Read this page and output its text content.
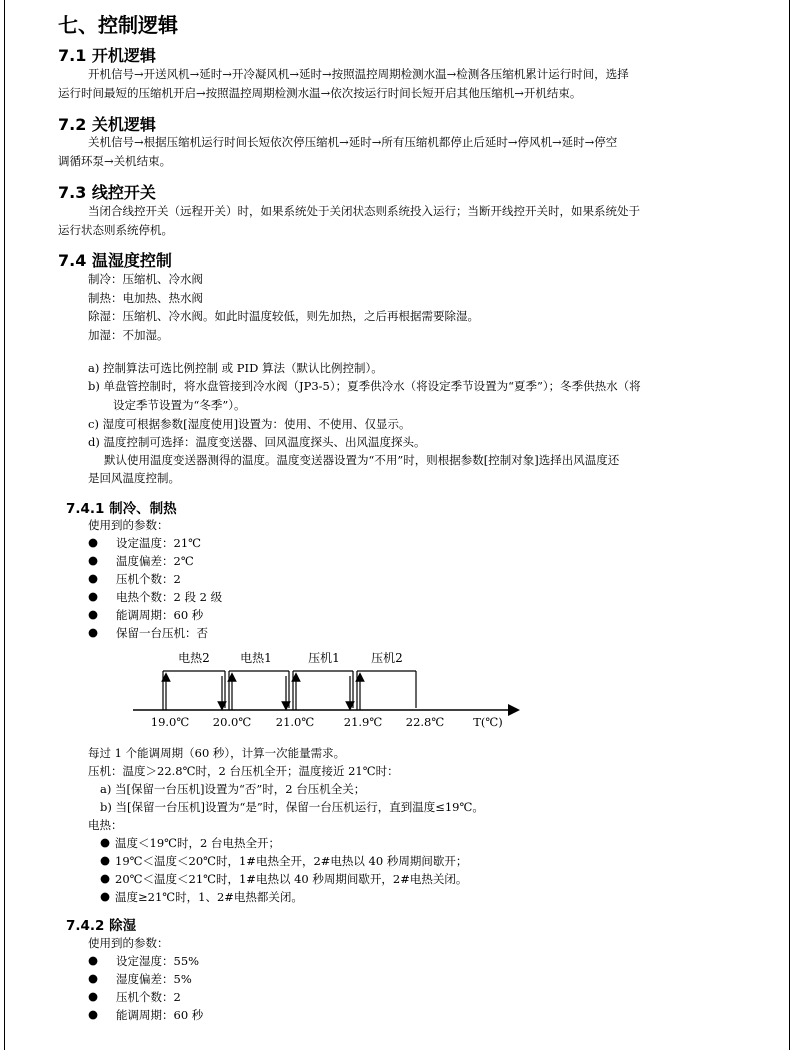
七、控制逻辑
7.1 开机逻辑
开机信号→开送风机→延时→开冷凝风机→延时→按照温控周期检测水温→检测各压缩机累计运行时间，选择
运行时间最短的压缩机开启→按照温控周期检测水温→依次按运行时间长短开启其他压缩机→开机结束。
7.2 关机逻辑
关机信号→根据压缩机运行时间长短依次停压缩机→延时→所有压缩机都停止后延时→停风机→延时→停空
调循环泵→关机结束。
7.3 线控开关
当闭合线控开关（远程开关）时，如果系统处于关闭状态则系统投入运行；当断开线控开关时，如果系统处于
运行状态则系统停机。
7.4 温湿度控制
制冷：压缩机、冷水阀
制热：电加热、热水阀
除湿：压缩机、冷水阀。如此时温度较低，则先加热，之后再根据需要除湿。
加湿：不加湿。
a) 控制算法可选比例控制 或 PID 算法（默认比例控制）。
b) 单盘管控制时，将水盘管接到冷水阀（JP3-5）；夏季供冷水（将设定季节设置为“夏季”）；冬季供热水（将
设定季节设置为“冬季”）。
c) 湿度可根据参数[湿度使用]设置为：使用、不使用、仅显示。
d) 温度控制可选择：温度变送器、回风温度探头、出风温度探头。
默认使用温度变送器测得的温度。温度变送器设置为“不用”时，则根据参数[控制对象]选择出风温度还
是回风温度控制。
7.4.1 制冷、制热
使用到的参数：
● 设定温度：21℃
● 温度偏差：2℃
● 压机个数：2
● 电热个数：2 段 2 级
● 能调周期：60 秒
● 保留一台压机：否
电热2	电热1	压机1	压机2
19.0℃ 20.0℃ 21.0℃	21.9℃ 22.8℃	T(℃)
每过 1 个能调周期（60 秒），计算一次能量需求。
压机：温度＞22.8℃时，2 台压机全开；温度接近 21℃时：
a) 当[保留一台压机]设置为“否”时，2 台压机全关；
b) 当[保留一台压机]设置为“是”时，保留一台压机运行，直到温度≤19℃。
电热：
● 温度＜19℃时，2 台电热全开；
● 19℃＜温度＜20℃时，1#电热全开，2#电热以 40 秒周期间歇开；
● 20℃＜温度＜21℃时，1#电热以 40 秒周期间歇开，2#电热关闭。
● 温度≥21℃时，1、2#电热都关闭。
7.4.2 除湿
使用到的参数：
● 设定湿度：55%
● 湿度偏差：5%
● 压机个数：2
● 能调周期：60 秒
